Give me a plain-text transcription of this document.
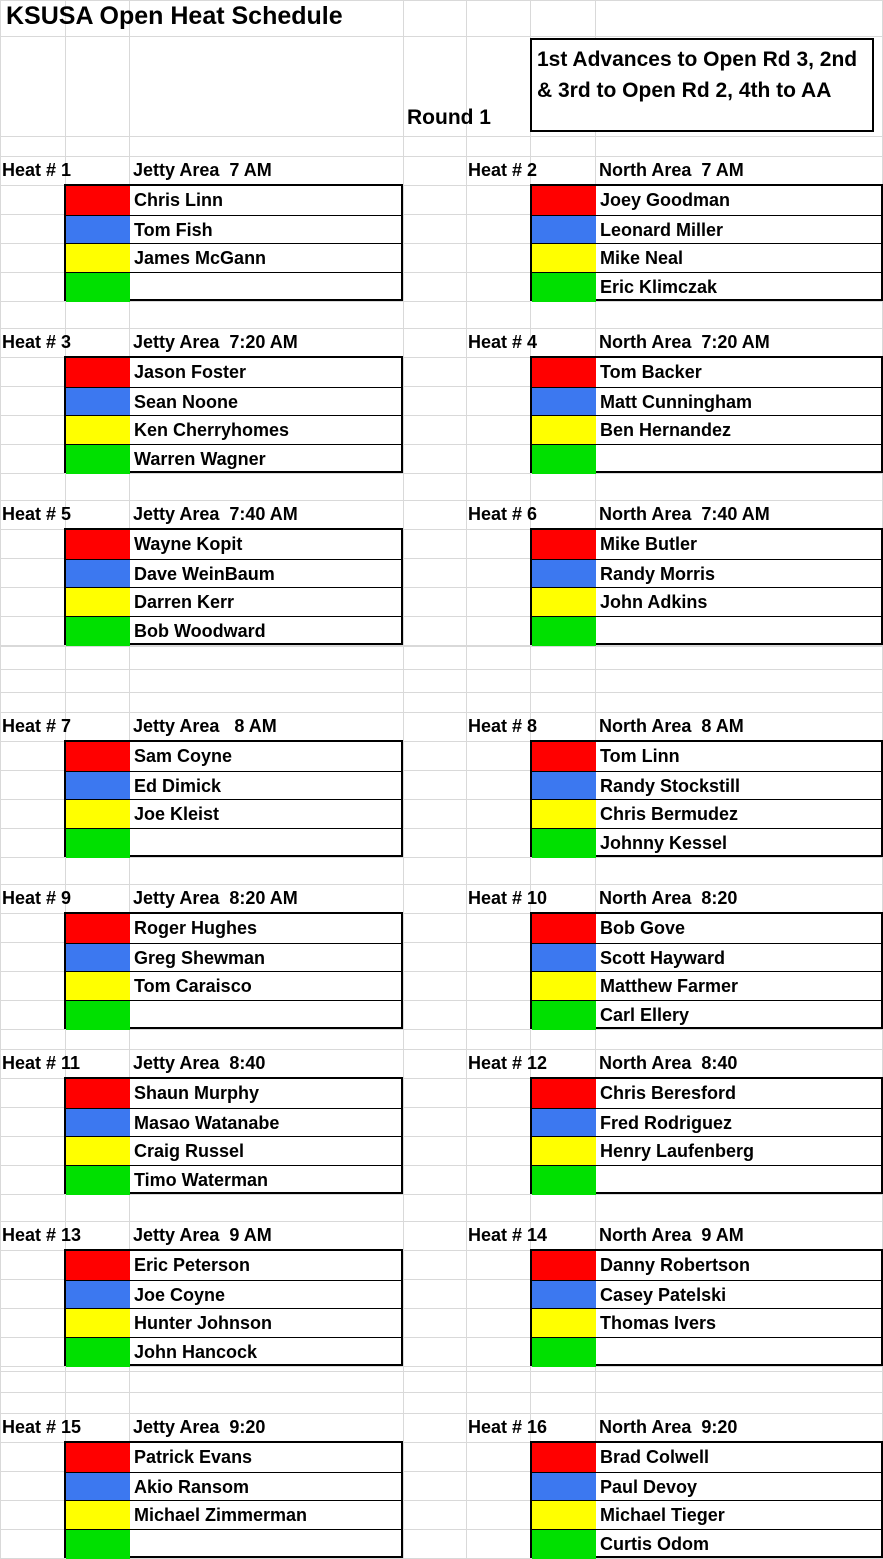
KSUSA Open Heat Schedule
Round 1
1st Advances to Open Rd 3, 2nd & 3rd to Open Rd 2, 4th to AA
Heat # 1	Jetty Area  7 AM
Chris Linn
Tom Fish
James McGann
Heat # 2	North Area  7 AM
Joey Goodman
Leonard Miller
Mike Neal
Eric Klimczak
Heat # 3	Jetty Area  7:20 AM
Jason Foster
Sean Noone
Ken Cherryhomes
Warren Wagner
Heat # 4	North Area  7:20 AM
Tom Backer
Matt Cunningham
Ben Hernandez
Heat # 5	Jetty Area  7:40 AM
Wayne Kopit
Dave WeinBaum
Darren Kerr
Bob Woodward
Heat # 6	North Area  7:40 AM
Mike Butler
Randy Morris
John Adkins
Heat # 7	Jetty Area   8 AM
Sam Coyne
Ed Dimick
Joe Kleist
Heat # 8	North Area  8 AM
Tom Linn
Randy Stockstill
Chris Bermudez
Johnny Kessel
Heat # 9	Jetty Area  8:20 AM
Roger Hughes
Greg Shewman
Tom Caraisco
Heat # 10	North Area  8:20
Bob Gove
Scott Hayward
Matthew Farmer
Carl Ellery
Heat # 11	Jetty Area  8:40
Shaun Murphy
Masao Watanabe
Craig Russel
Timo Waterman
Heat # 12	North Area  8:40
Chris Beresford
Fred Rodriguez
Henry Laufenberg
Heat # 13	Jetty Area  9 AM
Eric Peterson
Joe Coyne
Hunter Johnson
John Hancock
Heat # 14	North Area  9 AM
Danny Robertson
Casey Patelski
Thomas Ivers
Heat # 15	Jetty Area  9:20
Patrick Evans
Akio Ransom
Michael Zimmerman
Heat # 16	North Area  9:20
Brad Colwell
Paul Devoy
Michael Tieger
Curtis Odom
